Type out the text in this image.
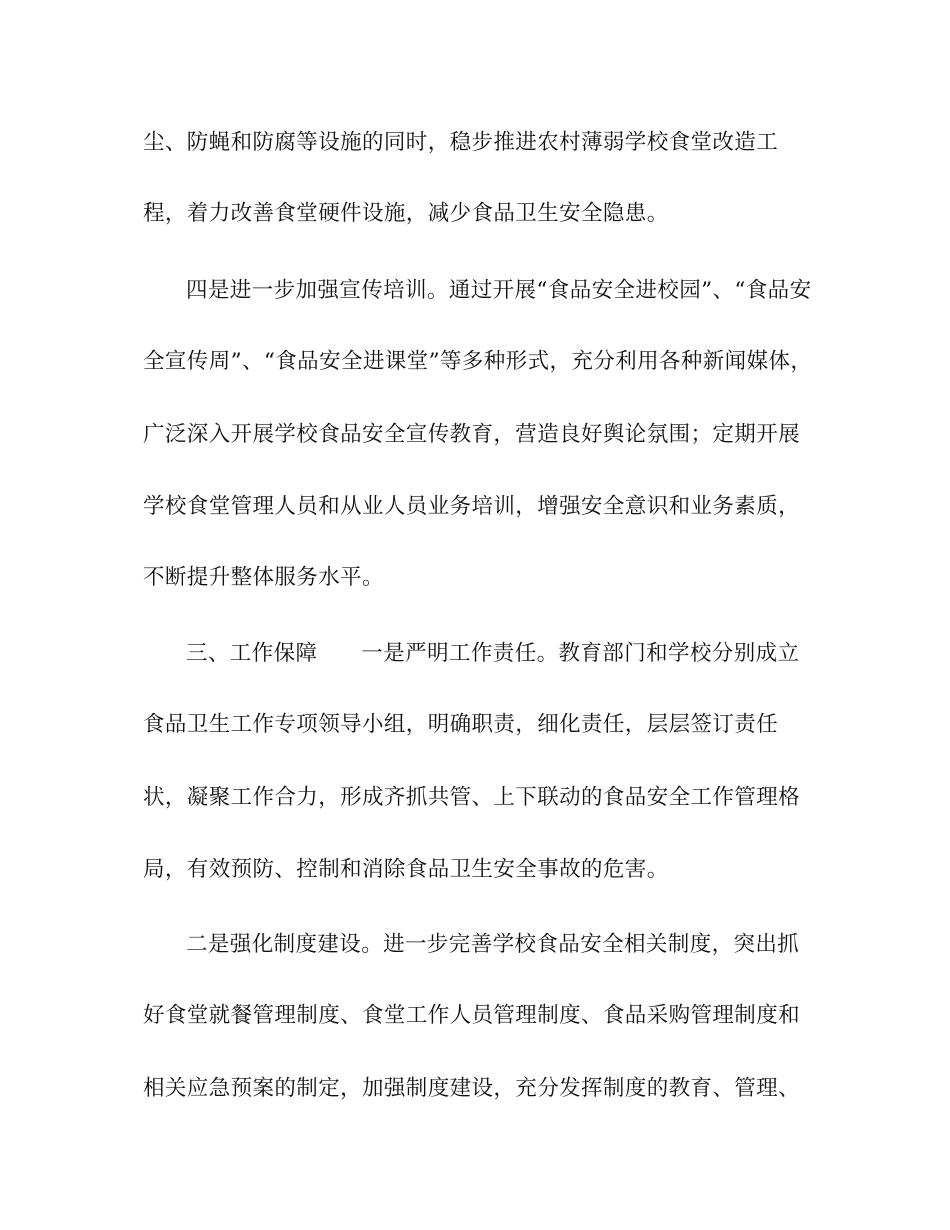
尘、防蝇和防腐等设施的同时，稳步推进农村薄弱学校食堂改造工
程，着力改善食堂硬件设施，减少食品卫生安全隐患。
四是进一步加强宣传培训。通过开展“食品安全进校园”、“食品安
全宣传周”、“食品安全进课堂”等多种形式，充分利用各种新闻媒体，
广泛深入开展学校食品安全宣传教育，营造良好舆论氛围；定期开展
学校食堂管理人员和从业人员业务培训，增强安全意识和业务素质，
不断提升整体服务水平。
三、工作保障 一是严明工作责任。教育部门和学校分别成立
食品卫生工作专项领导小组，明确职责，细化责任，层层签订责任
状，凝聚工作合力，形成齐抓共管、上下联动的食品安全工作管理格
局，有效预防、控制和消除食品卫生安全事故的危害。
二是强化制度建设。进一步完善学校食品安全相关制度，突出抓
好食堂就餐管理制度、食堂工作人员管理制度、食品采购管理制度和
相关应急预案的制定，加强制度建设，充分发挥制度的教育、管理、
